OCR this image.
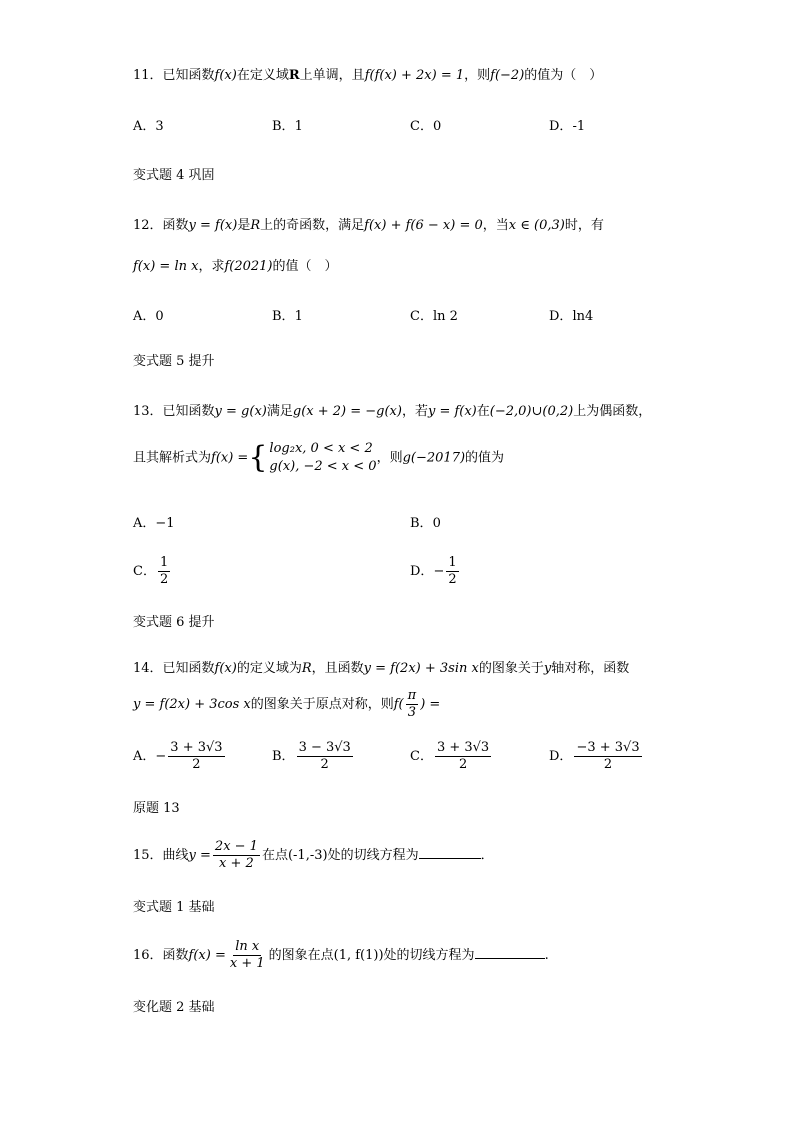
11．已知函数f(x)在定义域R上单调，且f(f(x) + 2x) = 1，则f(−2)的值为（　）
A．3	B．1	C．0	D．-1
变式题 4 巩固
12．函数y = f(x)是R上的奇函数，满足f(x) + f(6 − x) = 0，当x ∈ (0,3)时，有
f(x) = ln x，求f(2021)的值（　）
A．0	B．1	C．ln 2	D．ln4
变式题 5 提升
13．已知函数y = g(x)满足g(x + 2) = −g(x)，若y = f(x)在(−2,0)∪(0,2)上为偶函数，
且其解析式为f(x) = { log₂x, 0 < x < 2
g(x), −2 < x < 0
，则g(−2017)的值为
A．−1	B．0
C． $\frac{1}{2}$	D．− $\frac{1}{2}$
变式题 6 提升
14．已知函数f(x)的定义域为R，且函数y = f(2x) + 3sin x的图象关于y轴对称，函数
y = f(2x) + 3cos x的图象关于原点对称，则$f( \frac{\pi}{3}$ ) =
A．− $\frac{3 + 3√3}{2}$	B． $\frac{3 - 3√3}{2}$	C． $\frac{3 + 3√3}{2}$	D． $\frac{-3 + 3√3}{2}$
原题 13
15．曲线$y = \frac{2x - 1}{x + 2}$ 在点(-1,-3)处的切线方程为	．
变式题 1 基础
16．函数$f(x) = \frac{\text{ln x}}{x + 1}$ 的图象在点(1, f(1))处的切线方程为	.
变化题 2 基础
